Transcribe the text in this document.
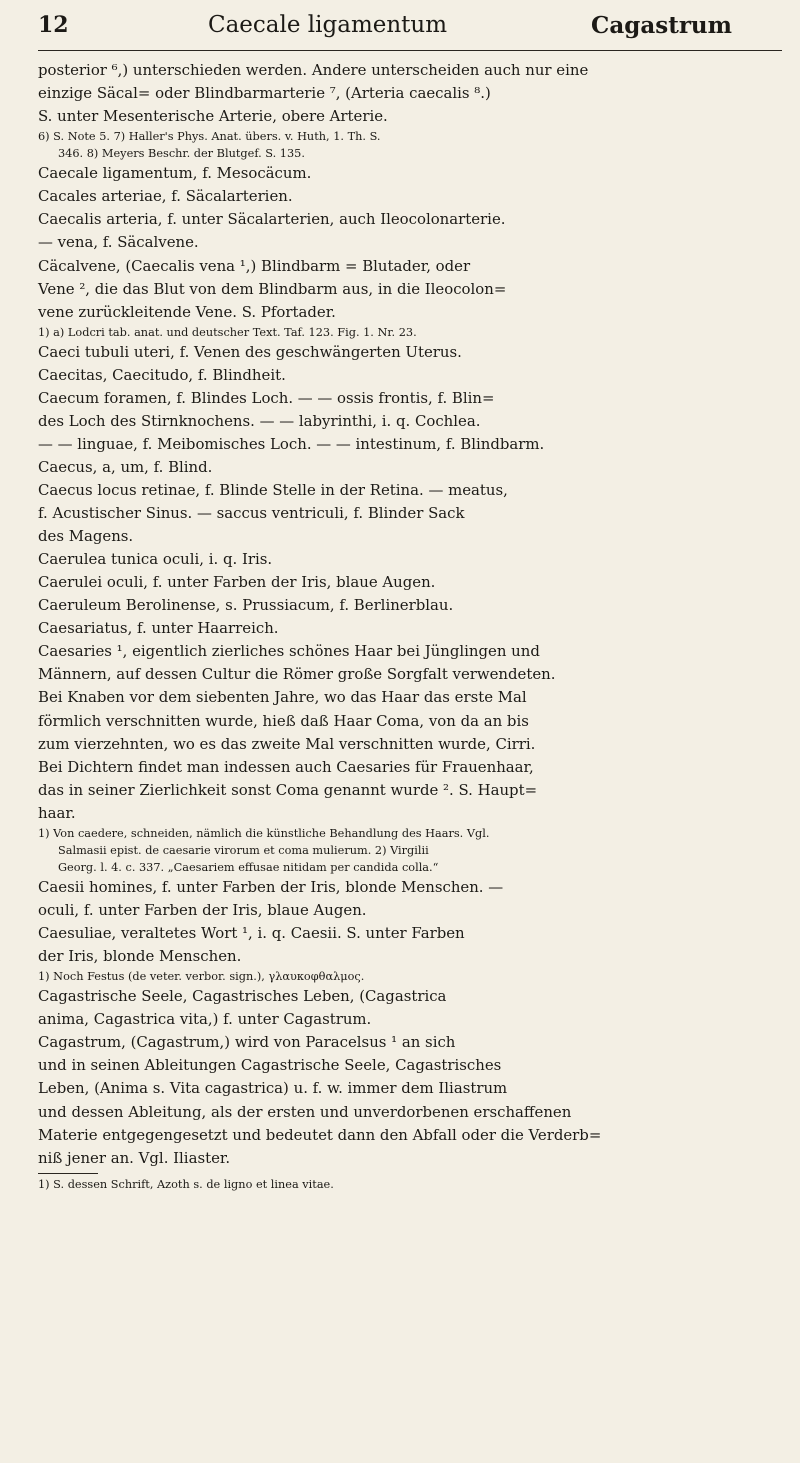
12	Caecale ligamentum	Cagastrum

posterior ⁶,) unterschieden werden. Andere unterscheiden auch nur eine
einzige Säcal= oder Blindbarmarterie ⁷, (Arteria caecalis ⁸.)
S. unter Mesenterische Arterie, obere Arterie.

6) S. Note 5. 7) Haller's Phys. Anat. übers. v. Huth, 1. Th. S.
346. 8) Meyers Beschr. der Blutgef. S. 135.

Caecale ligamentum, f. Mesocäcum.

Cacales arteriae, f. Säcalarterien.

Caecalis arteria, f. unter Säcalarterien, auch Ileocolonarterie.

— vena, f. Säcalvene.

Cäcalvene, (Caecalis vena ¹,) Blindbarm = Blutader, oder
Vene ², die das Blut von dem Blindbarm aus, in die Ileocolon=
vene zurückleitende Vene. S. Pfortader.

1) a) Lodcri tab. anat. und deutscher Text. Taf. 123. Fig. 1. Nr. 23.

Caeci tubuli uteri, f. Venen des geschwängerten Uterus.
Caecitas, Caecitudo, f. Blindheit.

Caecum foramen, f. Blindes Loch. — — ossis frontis, f. Blin=
des Loch des Stirnknochens. — — labyrinthi, i. q. Cochlea.
— — linguae, f. Meibomisches Loch. — — intestinum, f. Blindbarm.

Caecus, a, um, f. Blind.

Caecus locus retinae, f. Blinde Stelle in der Retina. — meatus,
f. Acustischer Sinus. — saccus ventriculi, f. Blinder Sack
des Magens.

Caerulea tunica oculi, i. q. Iris.

Caerulei oculi, f. unter Farben der Iris, blaue Augen.

Caeruleum Berolinense, s. Prussiacum, f. Berlinerblau.

Caesariatus, f. unter Haarreich.

Caesaries ¹, eigentlich zierliches schönes Haar bei Jünglingen und
Männern, auf dessen Cultur die Römer große Sorgfalt verwendeten.
Bei Knaben vor dem siebenten Jahre, wo das Haar das erste Mal
förmlich verschnitten wurde, hieß daß Haar Coma, von da an bis
zum vierzehnten, wo es das zweite Mal verschnitten wurde, Cirri.
Bei Dichtern findet man indessen auch Caesaries für Frauenhaar,
das in seiner Zierlichkeit sonst Coma genannt wurde ². S. Haupt=
haar.

1) Von caedere, schneiden, nämlich die künstliche Behandlung des Haars. Vgl.
Salmasii epist. de caesarie virorum et coma mulierum. 2) Virgilii
Georg. l. 4. c. 337. „Caesariem effusae nitidam per candida colla.“

Caesii homines, f. unter Farben der Iris, blonde Menschen. —
oculi, f. unter Farben der Iris, blaue Augen.

Caesuliae, veraltetes Wort ¹, i. q. Caesii. S. unter Farben
der Iris, blonde Menschen.

1) Noch Festus (de veter. verbor. sign.), γλαυκοφθαλμος.

Cagastrische Seele, Cagastrisches Leben, (Cagastrica
anima, Cagastrica vita,) f. unter Cagastrum.

Cagastrum, (Cagastrum,) wird von Paracelsus ¹ an sich
und in seinen Ableitungen Cagastrische Seele, Cagastrisches
Leben, (Anima s. Vita cagastrica) u. f. w. immer dem Iliastrum
und dessen Ableitung, als der ersten und unverdorbenen erschaffenen
Materie entgegengesetzt und bedeutet dann den Abfall oder die Verderb=
niß jener an. Vgl. Iliaster.

1) S. dessen Schrift, Azoth s. de ligno et linea vitae.
